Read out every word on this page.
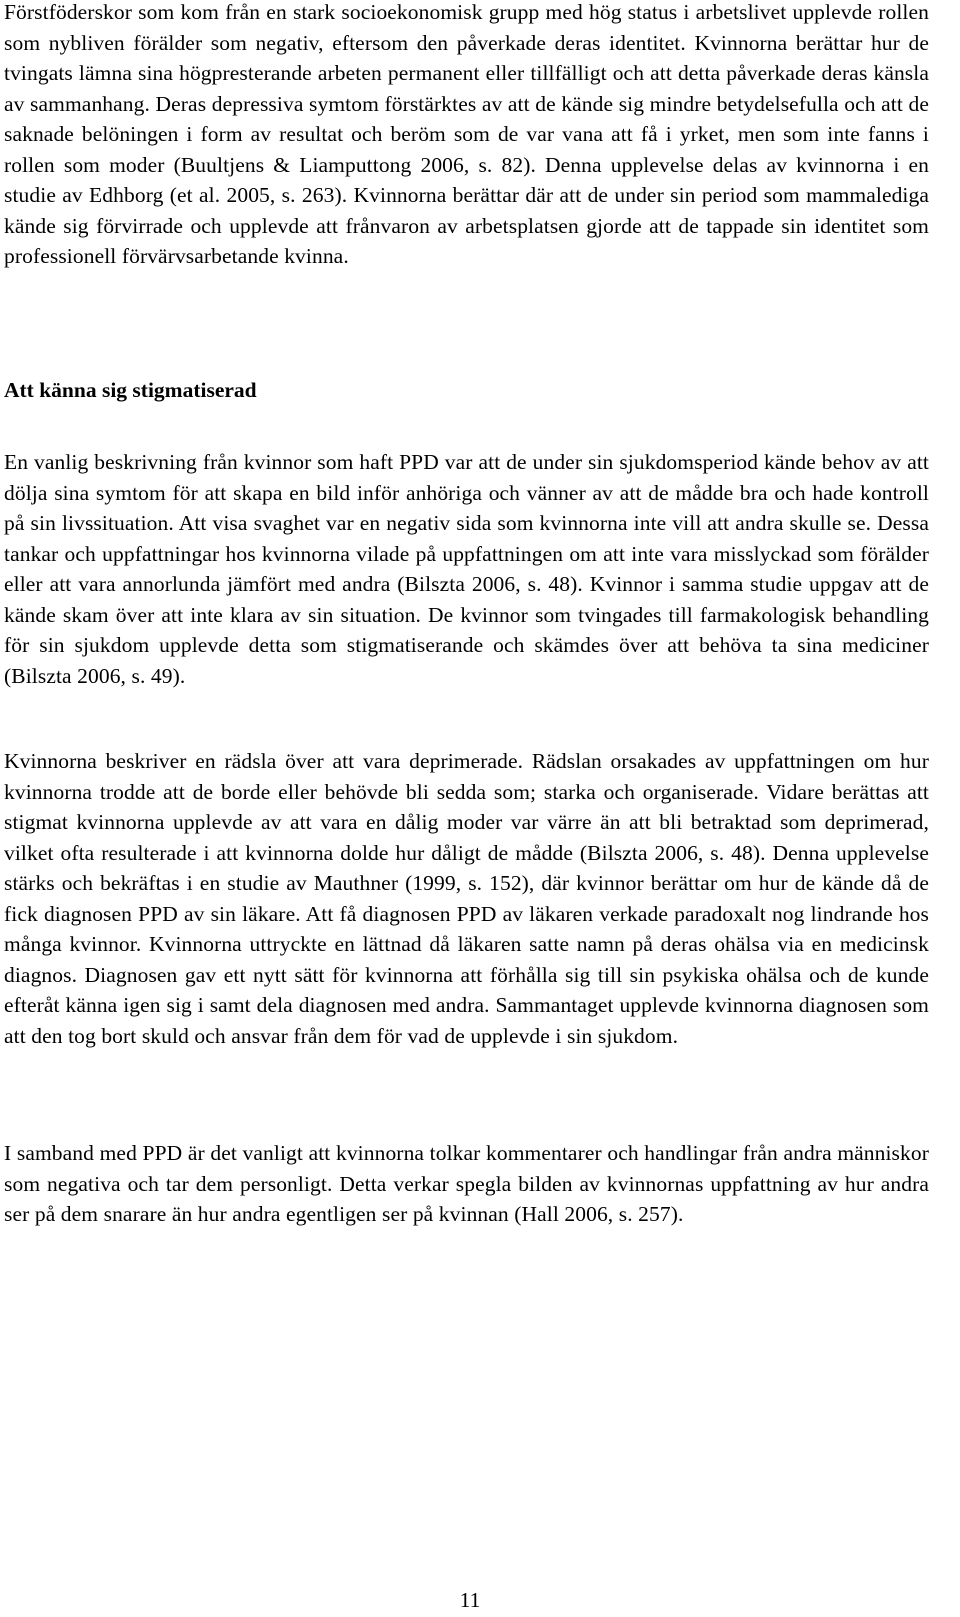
Förstföderskor som kom från en stark socioekonomisk grupp med hög status i arbetslivet upplevde rollen som nybliven förälder som negativ, eftersom den påverkade deras identitet. Kvinnorna berättar hur de tvingats lämna sina högpresterande arbeten permanent eller tillfälligt och att detta påverkade deras känsla av sammanhang. Deras depressiva symtom förstärktes av att de kände sig mindre betydelsefulla och att de saknade belöningen i form av resultat och beröm som de var vana att få i yrket, men som inte fanns i rollen som moder (Buultjens & Liamputtong 2006, s. 82). Denna upplevelse delas av kvinnorna i en studie av Edhborg (et al. 2005, s. 263). Kvinnorna berättar där att de under sin period som mammalediga kände sig förvirrade och upplevde att frånvaron av arbetsplatsen gjorde att de tappade sin identitet som professionell förvärvsarbetande kvinna.

Att känna sig stigmatiserad

En vanlig beskrivning från kvinnor som haft PPD var att de under sin sjukdomsperiod kände behov av att dölja sina symtom för att skapa en bild inför anhöriga och vänner av att de mådde bra och hade kontroll på sin livssituation. Att visa svaghet var en negativ sida som kvinnorna inte vill att andra skulle se. Dessa tankar och uppfattningar hos kvinnorna vilade på uppfattningen om att inte vara misslyckad som förälder eller att vara annorlunda jämfört med andra (Bilszta 2006, s. 48). Kvinnor i samma studie uppgav att de kände skam över att inte klara av sin situation. De kvinnor som tvingades till farmakologisk behandling för sin sjukdom upplevde detta som stigmatiserande och skämdes över att behöva ta sina mediciner (Bilszta 2006, s. 49).

Kvinnorna beskriver en rädsla över att vara deprimerade. Rädslan orsakades av uppfattningen om hur kvinnorna trodde att de borde eller behövde bli sedda som; starka och organiserade. Vidare berättas att stigmat kvinnorna upplevde av att vara en dålig moder var värre än att bli betraktad som deprimerad, vilket ofta resulterade i att kvinnorna dolde hur dåligt de mådde (Bilszta 2006, s. 48). Denna upplevelse stärks och bekräftas i en studie av Mauthner (1999, s. 152), där kvinnor berättar om hur de kände då de fick diagnosen PPD av sin läkare. Att få diagnosen PPD av läkaren verkade paradoxalt nog lindrande hos många kvinnor. Kvinnorna uttryckte en lättnad då läkaren satte namn på deras ohälsa via en medicinsk diagnos. Diagnosen gav ett nytt sätt för kvinnorna att förhålla sig till sin psykiska ohälsa och de kunde efteråt känna igen sig i samt dela diagnosen med andra. Sammantaget upplevde kvinnorna diagnosen som att den tog bort skuld och ansvar från dem för vad de upplevde i sin sjukdom.

I samband med PPD är det vanligt att kvinnorna tolkar kommentarer och handlingar från andra människor som negativa och tar dem personligt. Detta verkar spegla bilden av kvinnornas uppfattning av hur andra ser på dem snarare än hur andra egentligen ser på kvinnan (Hall 2006, s. 257).

11
